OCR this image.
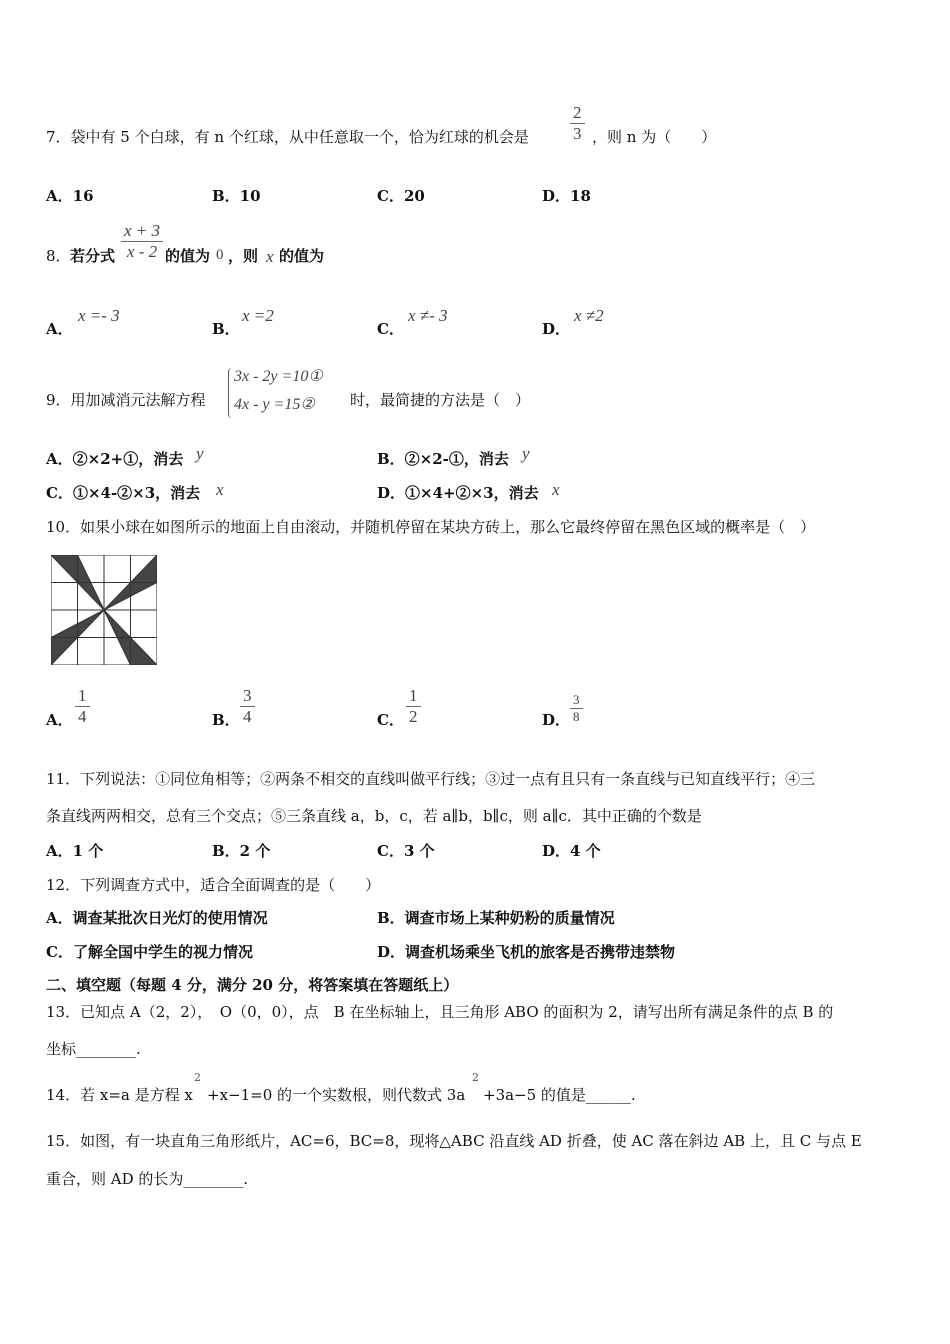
7．袋中有 5 个白球，有 n 个红球，从中任意取一个，恰为红球的机会是 $\frac{2}{3}$ ，则 n 为（　　）
A．16	B．10	C．20	D．18
8． 若分式 $\frac{x + 3}{x - 2}$ 的值为 0 ，则 x 的值为
A．
x =- 3
B．
x =2
C．
x ≠- 3
D．
x ≠2
9．用加减消元法解方程
3x - 2y =10①
4x - y =15② 时，最简捷的方法是（　）
A．②×2+①，消去 y	B．②×2-①，消去 y
C．①×4-②×3，消去 x	D．①×4+②×3，消去 x
10．如果小球在如图所示的地面上自由滚动，并随机停留在某块方砖上，那么它最终停留在黑色区域的概率是（　）
A． $\frac{1}{4}$	B． $\frac{3}{4}$	C． $\frac{1}{2}$	D． $\frac{3}{8}$
11．下列说法：①同位角相等；②两条不相交的直线叫做平行线；③过一点有且只有一条直线与已知直线平行；④三
条直线两两相交，总有三个交点；⑤三条直线 a，b，c，若 a∥b，b∥c，则 a∥c．其中正确的个数是
A．1 个	B．2 个	C．3 个	D．4 个
12．下列调查方式中，适合全面调查的是（　　）
A．调查某批次日光灯的使用情况	B．调查市场上某种奶粉的质量情况
C．了解全国中学生的视力情况	D．调查机场乘坐飞机的旅客是否携带违禁物
二、填空题（每题 4 分，满分 20 分，将答案填在答题纸上）
13．已知点 A（2，2），　O（0，0），点　B 在坐标轴上，且三角形 ABO 的面积为 2，请写出所有满足条件的点 B 的
坐标________.
14．若 x=a 是方程 x
2
+x−1=0 的一个实数根，则代数式 3a
2
+3a−5 的值是______.
15．如图，有一块直角三角形纸片，AC=6，BC=8，现将△ABC 沿直线 AD 折叠，使 AC 落在斜边 AB 上，且 C 与点 E
重合，则 AD 的长为________.
